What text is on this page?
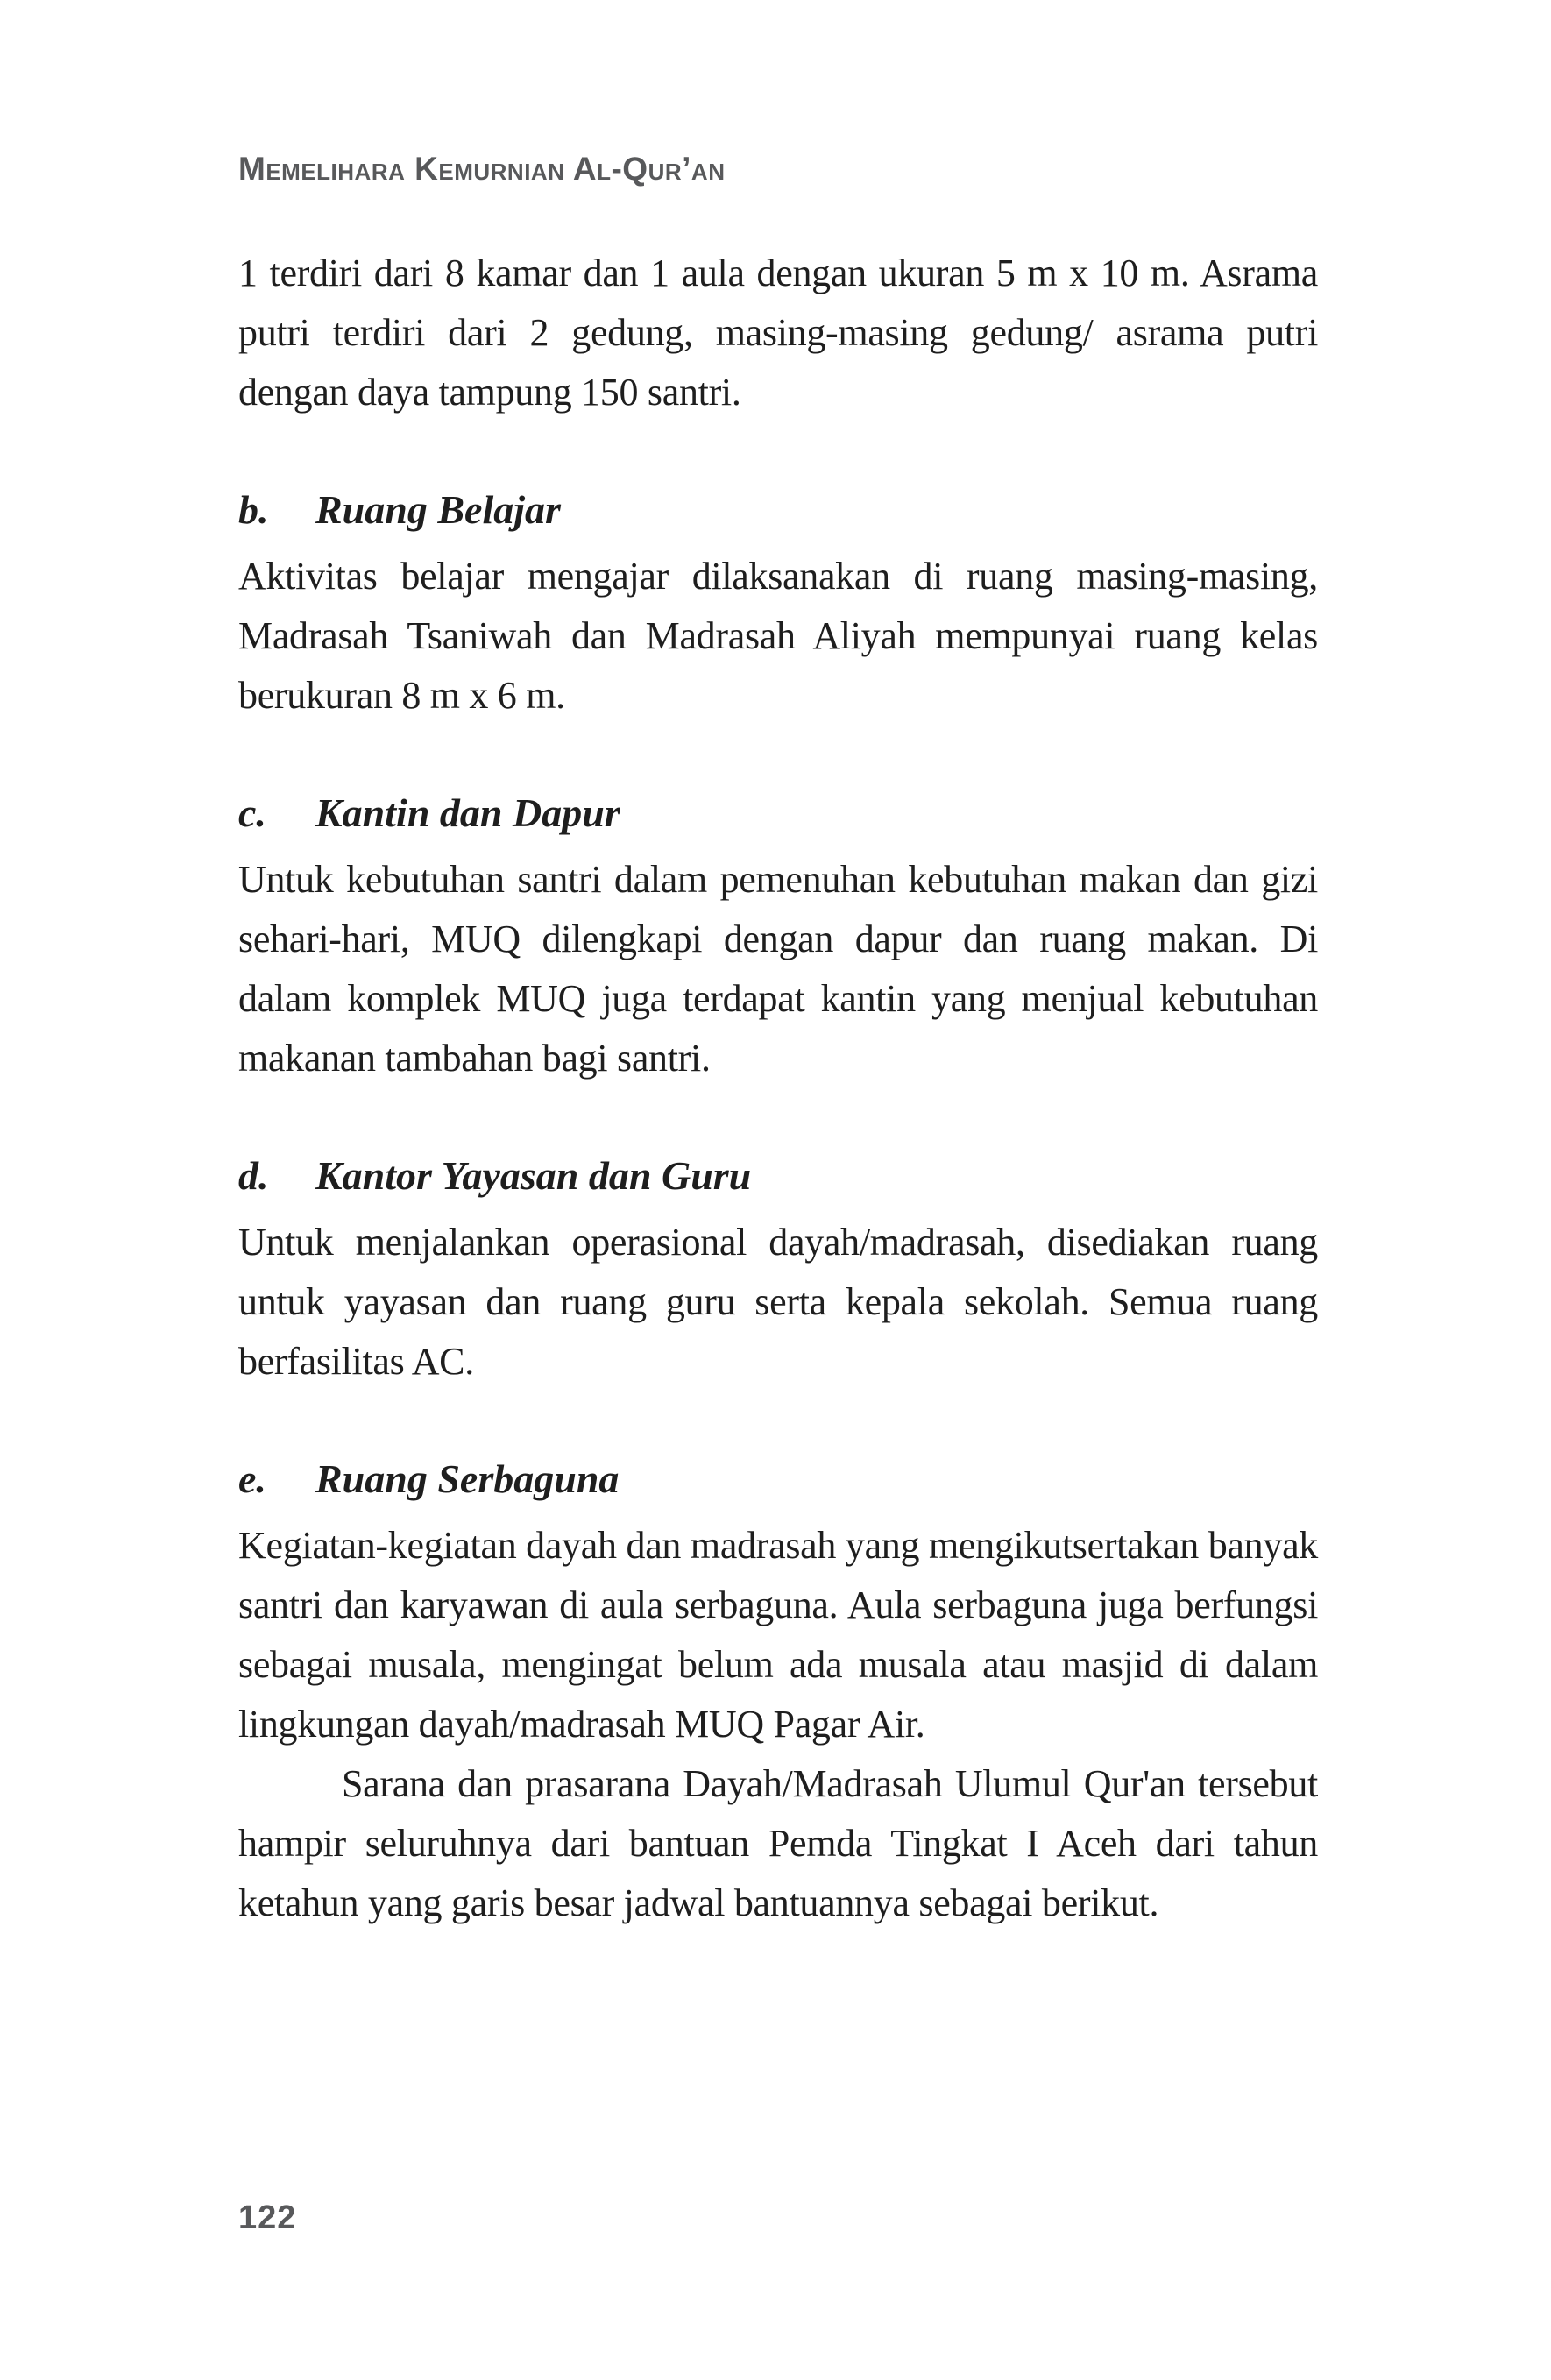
Memelihara Kemurnian Al-Qur’an

1 terdiri dari 8 kamar dan 1 aula dengan ukuran 5 m x 10 m. Asrama putri terdiri dari 2 gedung, masing-masing gedung/ asrama putri dengan daya tampung 150 santri.

b.	Ruang Belajar

Aktivitas belajar mengajar dilaksanakan di ruang masing-masing, Madrasah Tsaniwah dan Madrasah Aliyah mempunyai ruang kelas berukuran 8 m x 6 m.

c.	Kantin dan Dapur

Untuk kebutuhan santri dalam pemenuhan kebutuhan makan dan gizi sehari-hari, MUQ dilengkapi dengan dapur dan ruang makan. Di dalam komplek MUQ juga terdapat kantin yang menjual kebutuhan makanan tambahan bagi santri.

d.	Kantor Yayasan dan Guru

Untuk menjalankan operasional dayah/madrasah, disediakan ruang untuk yayasan dan ruang guru serta kepala sekolah. Semua ruang berfasilitas AC.

e.	Ruang Serbaguna

Kegiatan-kegiatan dayah dan madrasah yang mengikutsertakan banyak santri dan karyawan di aula serbaguna. Aula serbaguna juga berfungsi sebagai musala, mengingat belum ada musala atau masjid di dalam lingkungan dayah/madrasah MUQ Pagar Air.

Sarana dan prasarana Dayah/Madrasah Ulumul Qur'an tersebut hampir seluruhnya dari bantuan Pemda Tingkat I Aceh dari tahun ketahun yang garis besar jadwal bantuannya sebagai berikut.

122
